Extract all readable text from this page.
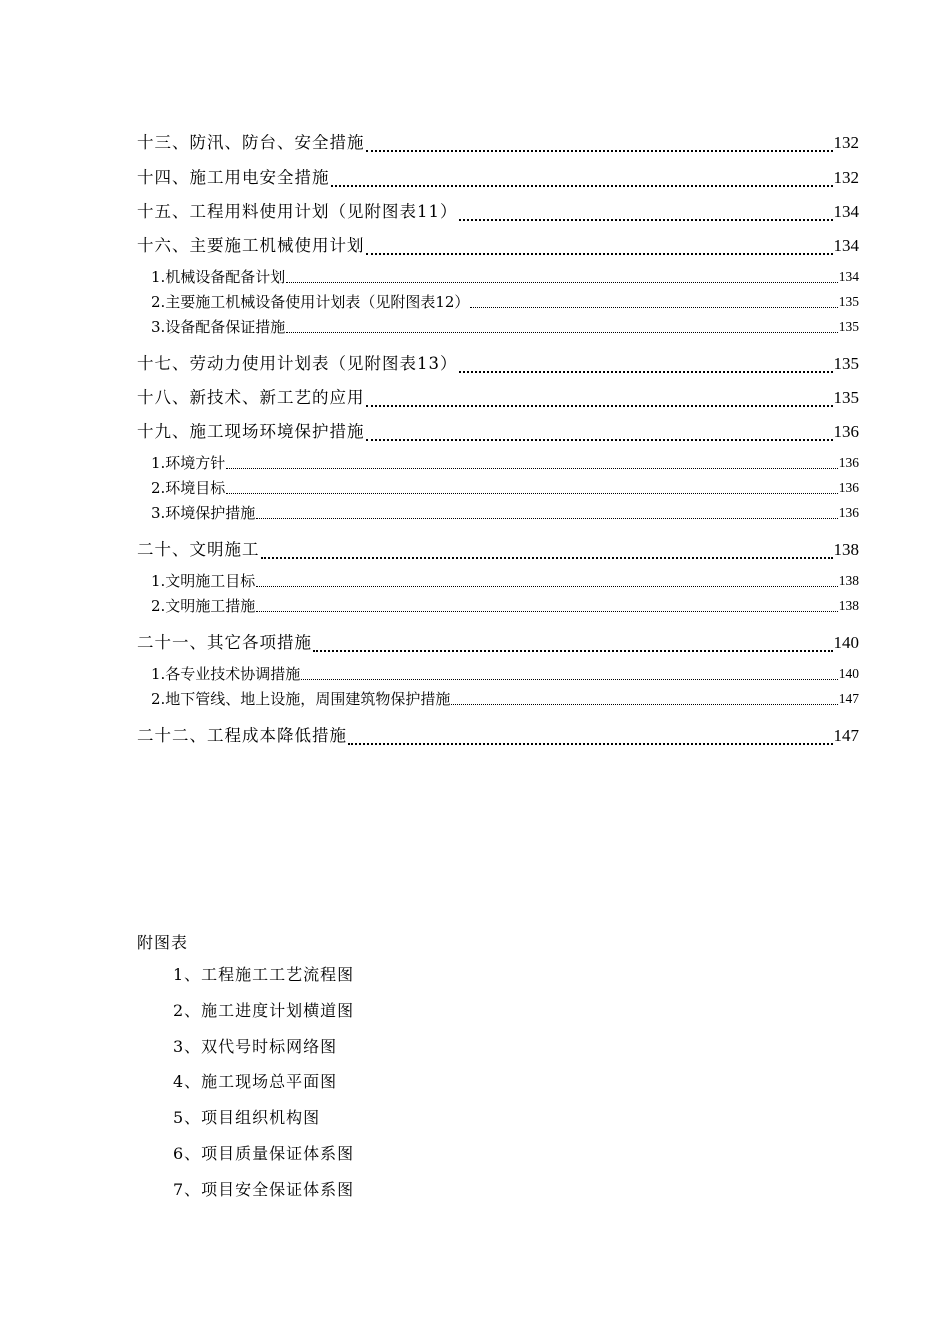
十三、防汛、防台、安全措施	132
十四、施工用电安全措施	132
十五、工程用料使用计划（见附图表11）	134
十六、主要施工机械使用计划	134
1.机械设备配备计划	134
2.主要施工机械设备使用计划表（见附图表12）	135
3.设备配备保证措施	135
十七、劳动力使用计划表（见附图表13）	135
十八、新技术、新工艺的应用	135
十九、施工现场环境保护措施	136
1.环境方针	136
2.环境目标	136
3.环境保护措施	136
二十、文明施工	138
1.文明施工目标	138
2.文明施工措施	138
二十一、其它各项措施	140
1.各专业技术协调措施	140
2.地下管线、地上设施，周围建筑物保护措施	147
二十二、工程成本降低措施	147
附图表
1、工程施工工艺流程图
2、施工进度计划横道图
3、双代号时标网络图
4、施工现场总平面图
5、项目组织机构图
6、项目质量保证体系图
7、项目安全保证体系图
